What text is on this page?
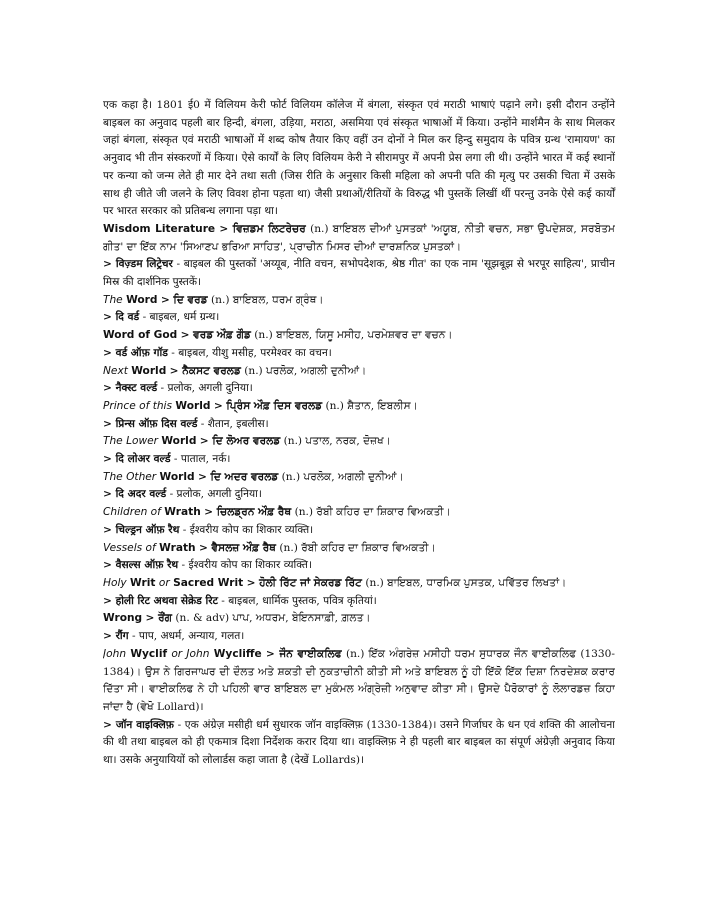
एक कहा है। 1801 ई0 में विलियम केरी फोर्ट विलियम कॉलेज में बंगला, संस्कृत एवं मराठी भाषाएं पढ़ाने लगे। इसी दौरान उन्होंने बाइबल का अनुवाद पहली बार हिन्दी, बंगला, उड़िया, मराठा, असमिया एवं संस्कृत भाषाओं में किया। उन्होंने मार्शमैन के साथ मिलकर जहां बंगला, संस्कृत एवं मराठी भाषाओं में शब्द कोष तैयार किए वहीं उन दोनों ने मिल कर हिन्दु समुदाय के पवित्र ग्रन्थ 'रामायण' का अनुवाद भी तीन संस्करणों में किया। ऐसे कार्यों के लिए विलियम केरी ने सीरामपुर में अपनी प्रेस लगा ली थी। उन्होंने भारत में कई स्थानों पर कन्या को जन्म लेते ही मार देने तथा सती (जिस रीति के अनुसार किसी महिला को अपनी पति की मृत्यु पर उसकी चिता में उसके साथ ही जीते जी जलने के लिए विवश होना पड़ता था) जैसी प्रथाओं/रीतियों के विरुद्ध भी पुस्तकें लिखीं थीं परन्तु उनके ऐसे कई कार्यों पर भारत सरकार को प्रतिबन्ध लगाना पड़ा था।

Wisdom Literature > ਵਿਜ਼ਡਮ ਲਿਟਰੇਚਰ (n.) ਬਾਇਬਲ ਦੀਆਂ ਪੁਸਤਕਾਂ 'ਅਯੂਬ, ਨੀਤੀ ਵਚਨ, ਸਭਾ ਉਪਦੇਸ਼ਕ, ਸਰਬੋਤਮ ਗੀਤ' ਦਾ ਇੱਕ ਨਾਮ 'ਸਿਆਣਪ ਭਰਿਆ ਸਾਹਿਤ', ਪ੍ਰਾਚੀਨ ਮਿਸਰ ਦੀਆਂ ਦਾਰਸ਼ਨਿਕ ਪੁਸਤਕਾਂ।

> विज़्डम लिट्रेचर - बाइबल की पुस्तकों 'अय्यूब, नीति वचन, सभोपदेशक, श्रेष्ठ गीत' का एक नाम 'सूझबूझ से भरपूर साहित्य', प्राचीन मिस्र की दार्शनिक पुस्तकें।

The Word > ਦਿ ਵਰਡ (n.) ਬਾਇਬਲ, ਧਰਮ ਗ੍ਰੰਥ।

> दि वर्ड - बाइबल, धर्म ग्रन्थ।

Word of God > ਵਰਡ ਔਫ਼ ਗੌਡ (n.) ਬਾਇਬਲ, ਯਿਸੂ ਮਸੀਹ, ਪਰਮੇਸ਼ਵਰ ਦਾ ਵਚਨ।

> वर्ड ऑफ़ गॉड - बाइबल, यीशु मसीह, परमेश्वर का वचन।

Next World > ਨੈਕਸਟ ਵਰਲਡ (n.) ਪਰਲੋਕ, ਅਗਲੀ ਦੁਨੀਆਂ।

> नैक्स्ट वर्ल्ड - प्रलोक, अगली दुनिया।

Prince of this World > ਪ੍ਰਿੰਸ ਔਫ਼ ਦਿਸ ਵਰਲਡ (n.) ਸ਼ੈਤਾਨ, ਇਬਲੀਸ।

> प्रिन्स ऑफ़ दिस वर्ल्ड - शैतान, इबलीस।

The Lower World > ਦਿ ਲੋਅਰ ਵਰਲਡ (n.) ਪਤਾਲ, ਨਰਕ, ਦੋਜ਼ਖ।

> दि लोअर वर्ल्ड - पाताल, नर्क।

The Other World > ਦਿ ਅਦਰ ਵਰਲਡ (n.) ਪਰਲੋਕ, ਅਗਲੀ ਦੁਨੀਆਂ।

> दि अदर वर्ल्ड - प्रलोक, अगली दुनिया।

Children of Wrath > ਚਿਲਡ੍ਰਨ ਔਫ਼ ਰੈਥ (n.) ਰੱਬੀ ਕਹਿਰ ਦਾ ਸ਼ਿਕਾਰ ਵਿਅਕਤੀ।

> चिल्ड्रन ऑफ़ रैथ - ईश्वरीय कोप का शिकार व्यक्ति।

Vessels of Wrath > ਵੈਸਲਜ਼ ਔਫ਼ ਰੈਥ (n.) ਰੱਬੀ ਕਹਿਰ ਦਾ ਸ਼ਿਕਾਰ ਵਿਅਕਤੀ।

> वैसल्स ऑफ़ रैथ - ईश्वरीय कोप का शिकार व्यक्ति।

Holy Writ or Sacred Writ > ਹੋਲੀ ਰਿੱਟ ਜਾਂ ਸੇਕਰਡ ਰਿੱਟ (n.) ਬਾਇਬਲ, ਧਾਰਮਿਕ ਪੁਸਤਕ, ਪਵਿੱਤਰ ਲਿਖਤਾਂ।

> होली रिट अथवा सेक्रेड रिट - बाइबल, धार्मिक पुस्तक, पवित्र कृतियां।

Wrong > ਰੌਂਗ (n. & adv) ਪਾਪ, ਅਧਰਮ, ਬੇਇਨਸਾਫ਼ੀ, ਗ਼ਲਤ।

> रौंग - पाप, अधर्म, अन्याय, गलत।

John Wyclif or John Wycliffe > ਜੌਨ ਵਾਈਕਲਿਫ (n.) ਇੱਕ ਅੰਗਰੇਜ਼ ਮਸੀਹੀ ਧਰਮ ਸੁਧਾਰਕ ਜੌਨ ਵਾਈਕਲਿਫ (1330-1384)। ਉਸ ਨੇ ਗਿਰਜਾਘਰ ਦੀ ਦੌਲਤ ਅਤੇ ਸ਼ਕਤੀ ਦੀ ਨੁਕਤਾਚੀਨੀ ਕੀਤੀ ਸੀ ਅਤੇ ਬਾਇਬਲ ਨੂੰ ਹੀ ਇੱਕੋ ਇੱਕ ਦਿਸ਼ਾ ਨਿਰਦੇਸ਼ਕ ਕਰਾਰ ਦਿੱਤਾ ਸੀ। ਵਾਈਕਲਿਫ ਨੇ ਹੀ ਪਹਿਲੀ ਵਾਰ ਬਾਇਬਲ ਦਾ ਮੁਕੰਮਲ ਅੰਗ੍ਰੇਜ਼ੀ ਅਨੁਵਾਦ ਕੀਤਾ ਸੀ। ਉਸਦੇ ਪੈਰੋਕਾਰਾਂ ਨੂੰ ਲੋਲਾਰਡਜ਼ ਕਿਹਾ ਜਾਂਦਾ ਹੈ (ਵੇਖੋ Lollard)।

> जॉन वाइक्लिफ़ - एक अंग्रेज़ मसीही धर्म सुधारक जॉन वाइक्लिफ़ (1330-1384)। उसने गिर्जाघर के धन एवं शक्ति की आलोचना की थी तथा बाइबल को ही एकमात्र दिशा निर्देशक करार दिया था। वाइक्लिफ़ ने ही पहली बार बाइबल का संपूर्ण अंग्रेज़ी अनुवाद किया था। उसके अनुयायियों को लोलार्डस कहा जाता है (देखें Lollards)।
